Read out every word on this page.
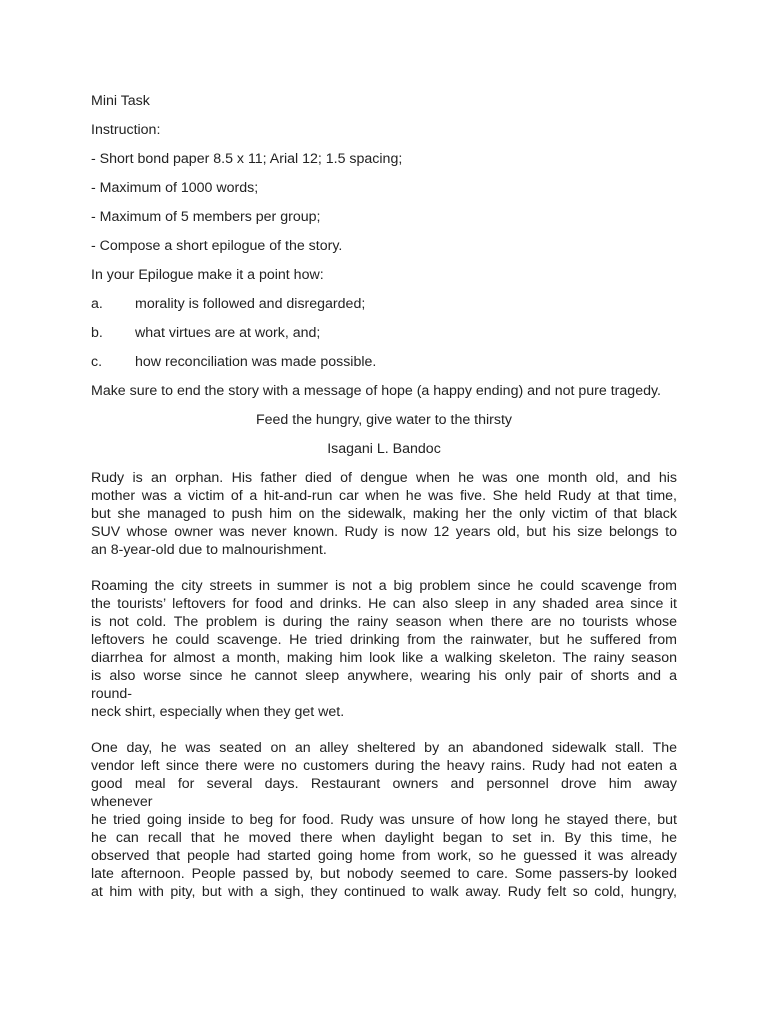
Mini Task

Instruction:

- Short bond paper 8.5 x 11; Arial 12; 1.5 spacing;

- Maximum of 1000 words;

- Maximum of 5 members per group;

- Compose a short epilogue of the story.

In your Epilogue make it a point how:

a.	morality is followed and disregarded;
b.	what virtues are at work, and;
c.	how reconciliation was made possible.

Make sure to end the story with a message of hope (a happy ending) and not pure tragedy.

Feed the hungry, give water to the thirsty

Isagani L. Bandoc

Rudy is an orphan. His father died of dengue when he was one month old, and his
mother was a victim of a hit-and-run car when he was five. She held Rudy at that time,
but she managed to push him on the sidewalk, making her the only victim of that black
SUV whose owner was never known. Rudy is now 12 years old, but his size belongs to
an 8-year-old due to malnourishment.
Roaming the city streets in summer is not a big problem since he could scavenge from
the tourists’ leftovers for food and drinks. He can also sleep in any shaded area since it
is not cold. The problem is during the rainy season when there are no tourists whose
leftovers he could scavenge. He tried drinking from the rainwater, but he suffered from
diarrhea for almost a month, making him look like a walking skeleton. The rainy season
is also worse since he cannot sleep anywhere, wearing his only pair of shorts and a
round-
neck shirt, especially when they get wet.
One day, he was seated on an alley sheltered by an abandoned sidewalk stall. The
vendor left since there were no customers during the heavy rains. Rudy had not eaten a
good meal for several days. Restaurant owners and personnel drove him away
whenever
he tried going inside to beg for food. Rudy was unsure of how long he stayed there, but
he can recall that he moved there when daylight began to set in. By this time, he
observed that people had started going home from work, so he guessed it was already
late afternoon. People passed by, but nobody seemed to care. Some passers-by looked
at him with pity, but with a sigh, they continued to walk away. Rudy felt so cold, hungry,
